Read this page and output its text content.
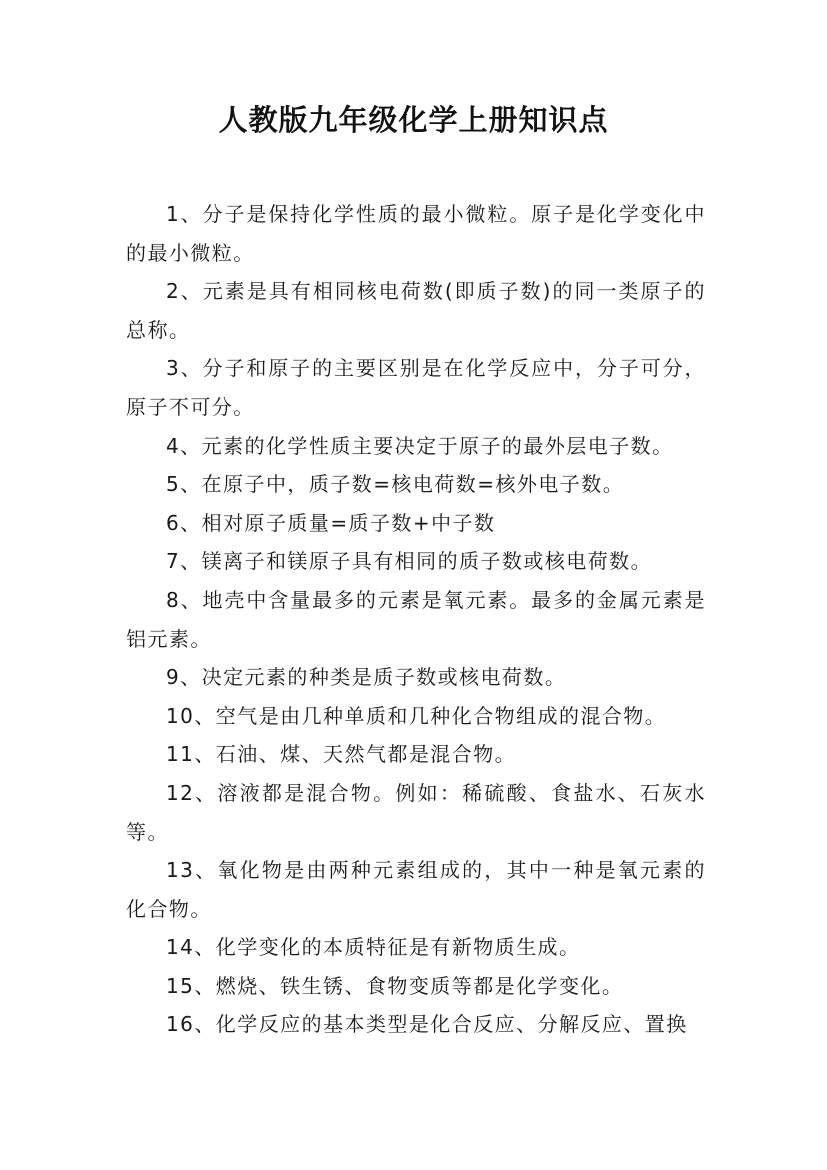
人教版九年级化学上册知识点

1、分子是保持化学性质的最小微粒。原子是化学变化中的最小微粒。

2、元素是具有相同核电荷数(即质子数)的同一类原子的总称。

3、分子和原子的主要区别是在化学反应中，分子可分，原子不可分。

4、元素的化学性质主要决定于原子的最外层电子数。

5、在原子中，质子数=核电荷数=核外电子数。

6、相对原子质量=质子数+中子数

7、镁离子和镁原子具有相同的质子数或核电荷数。

8、地壳中含量最多的元素是氧元素。最多的金属元素是铝元素。

9、决定元素的种类是质子数或核电荷数。

10、空气是由几种单质和几种化合物组成的混合物。

11、石油、煤、天然气都是混合物。

12、溶液都是混合物。例如：稀硫酸、食盐水、石灰水等。

13、氧化物是由两种元素组成的，其中一种是氧元素的化合物。

14、化学变化的本质特征是有新物质生成。

15、燃烧、铁生锈、食物变质等都是化学变化。

16、化学反应的基本类型是化合反应、分解反应、置换
